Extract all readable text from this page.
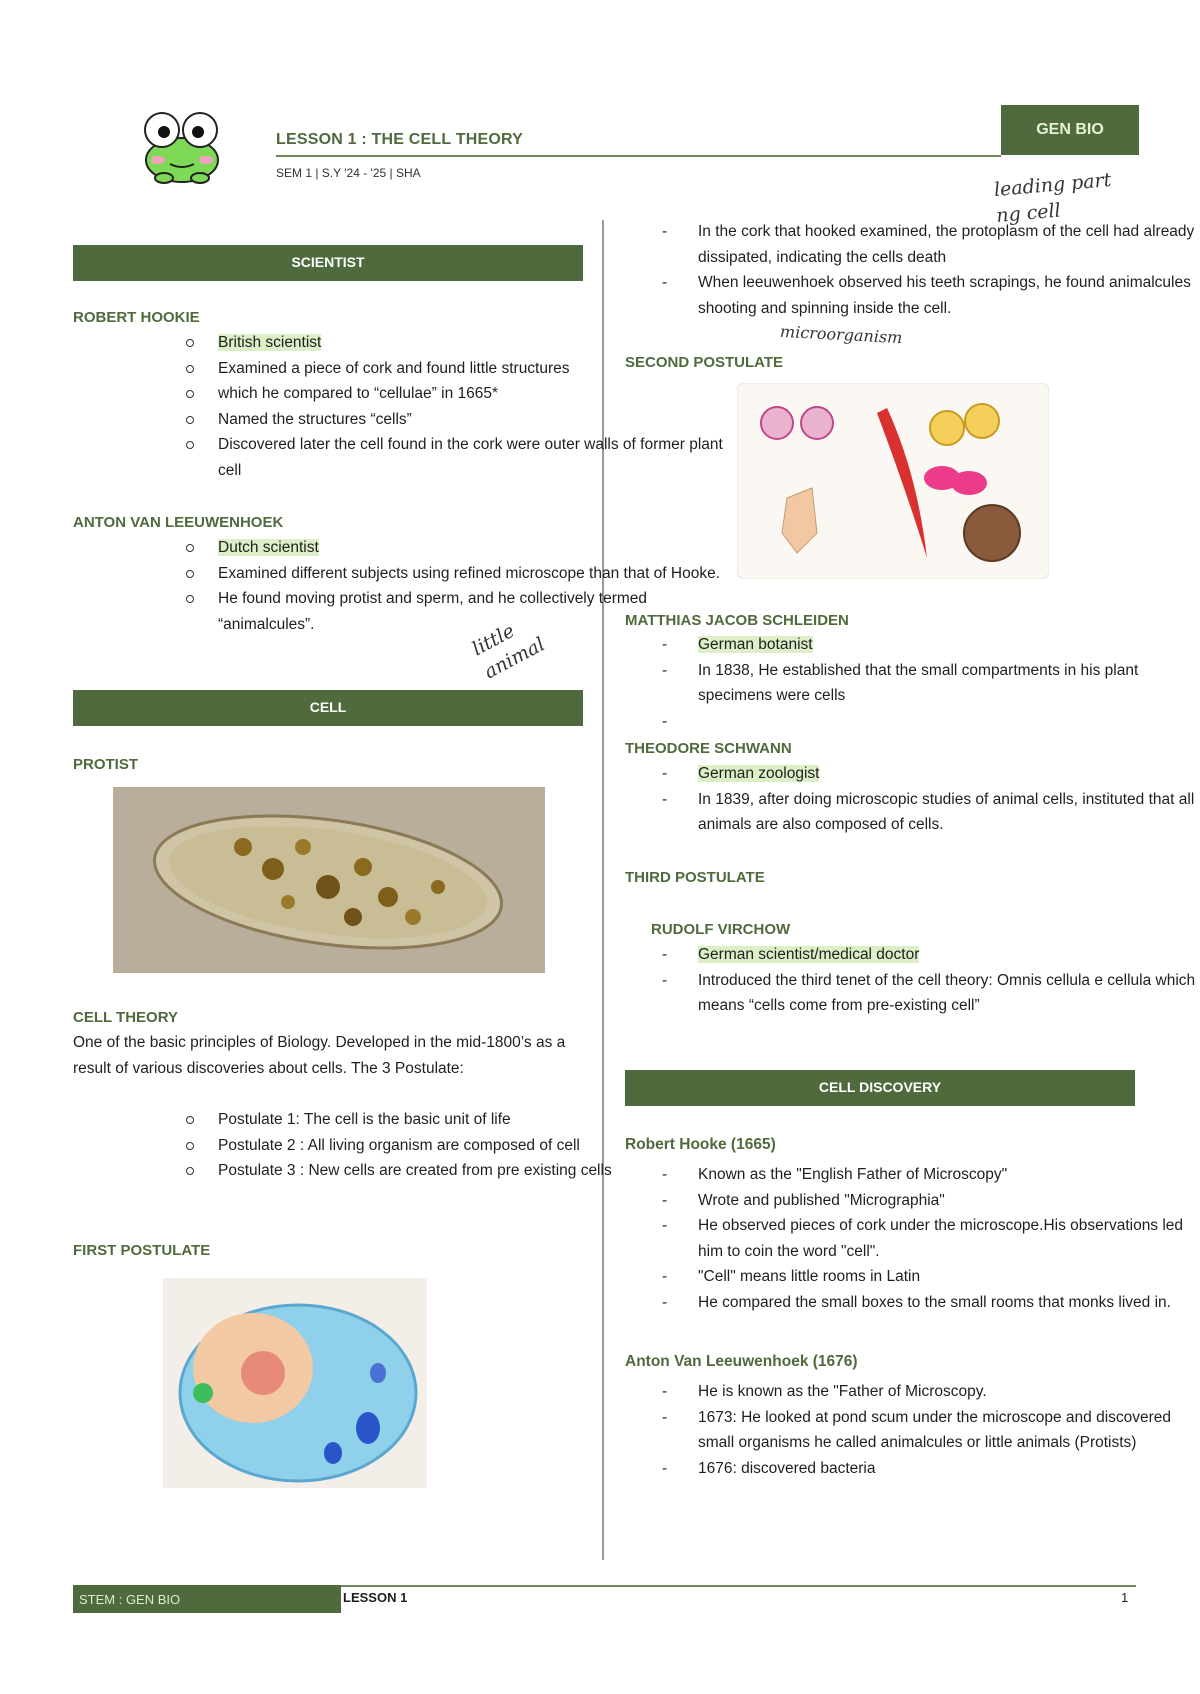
LESSON 1 : THE CELL THEORY
SEM 1 | S.Y '24 - '25 | SHA
GEN BIO
SCIENTIST
ROBERT HOOKIE
British scientist
Examined a piece of cork and found little structures
which he compared to “cellulae” in 1665*
Named the structures “cells”
Discovered later the cell found in the cork were outer walls of former plant cell
ANTON VAN LEEUWENHOEK
Dutch scientist
Examined different subjects using refined microscope than that of Hooke.
He found moving protist and sperm, and he collectively termed “animalcules”.	little animal
CELL
PROTIST
CELL THEORY
One of the basic principles of Biology. Developed in the mid-1800’s as a result of various discoveries about cells. The 3 Postulate:
Postulate 1: The cell is the basic unit of life
Postulate 2 : All living organism are composed of cell
Postulate 3 : New cells are created from pre existing cells
FIRST POSTULATE
leading part ng cell
- In the cork that hooked examined, the protoplasm of the cell had already dissipated, indicating the cells death
- When leeuwenhoek observed his teeth scrapings, he found animalcules shooting and spinning inside the cell.
microorganism
SECOND POSTULATE
MATTHIAS JACOB SCHLEIDEN
- German botanist
- In 1838, He established that the small compartments in his plant specimens were cells
-
THEODORE SCHWANN
- German zoologist
- In 1839, after doing microscopic studies of animal cells, instituted that all animals are also composed of cells.
THIRD POSTULATE
RUDOLF VIRCHOW
- German scientist/medical doctor
- Introduced the third tenet of the cell theory: Omnis cellula e cellula which means “cells come from pre-existing cell”
CELL DISCOVERY
Robert Hooke (1665)
- Known as the "English Father of Microscopy"
- Wrote and published "Micrographia"
- He observed pieces of cork under the microscope.His observations led him to coin the word "cell".
- "Cell" means little rooms in Latin
- He compared the small boxes to the small rooms that monks lived in.
Anton Van Leeuwenhoek (1676)
- He is known as the "Father of Microscopy.
- 1673: He looked at pond scum under the microscope and discovered small organisms he called animalcules or little animals (Protists)
- 1676: discovered bacteria
STEM : GEN BIO	LESSON 1	1
